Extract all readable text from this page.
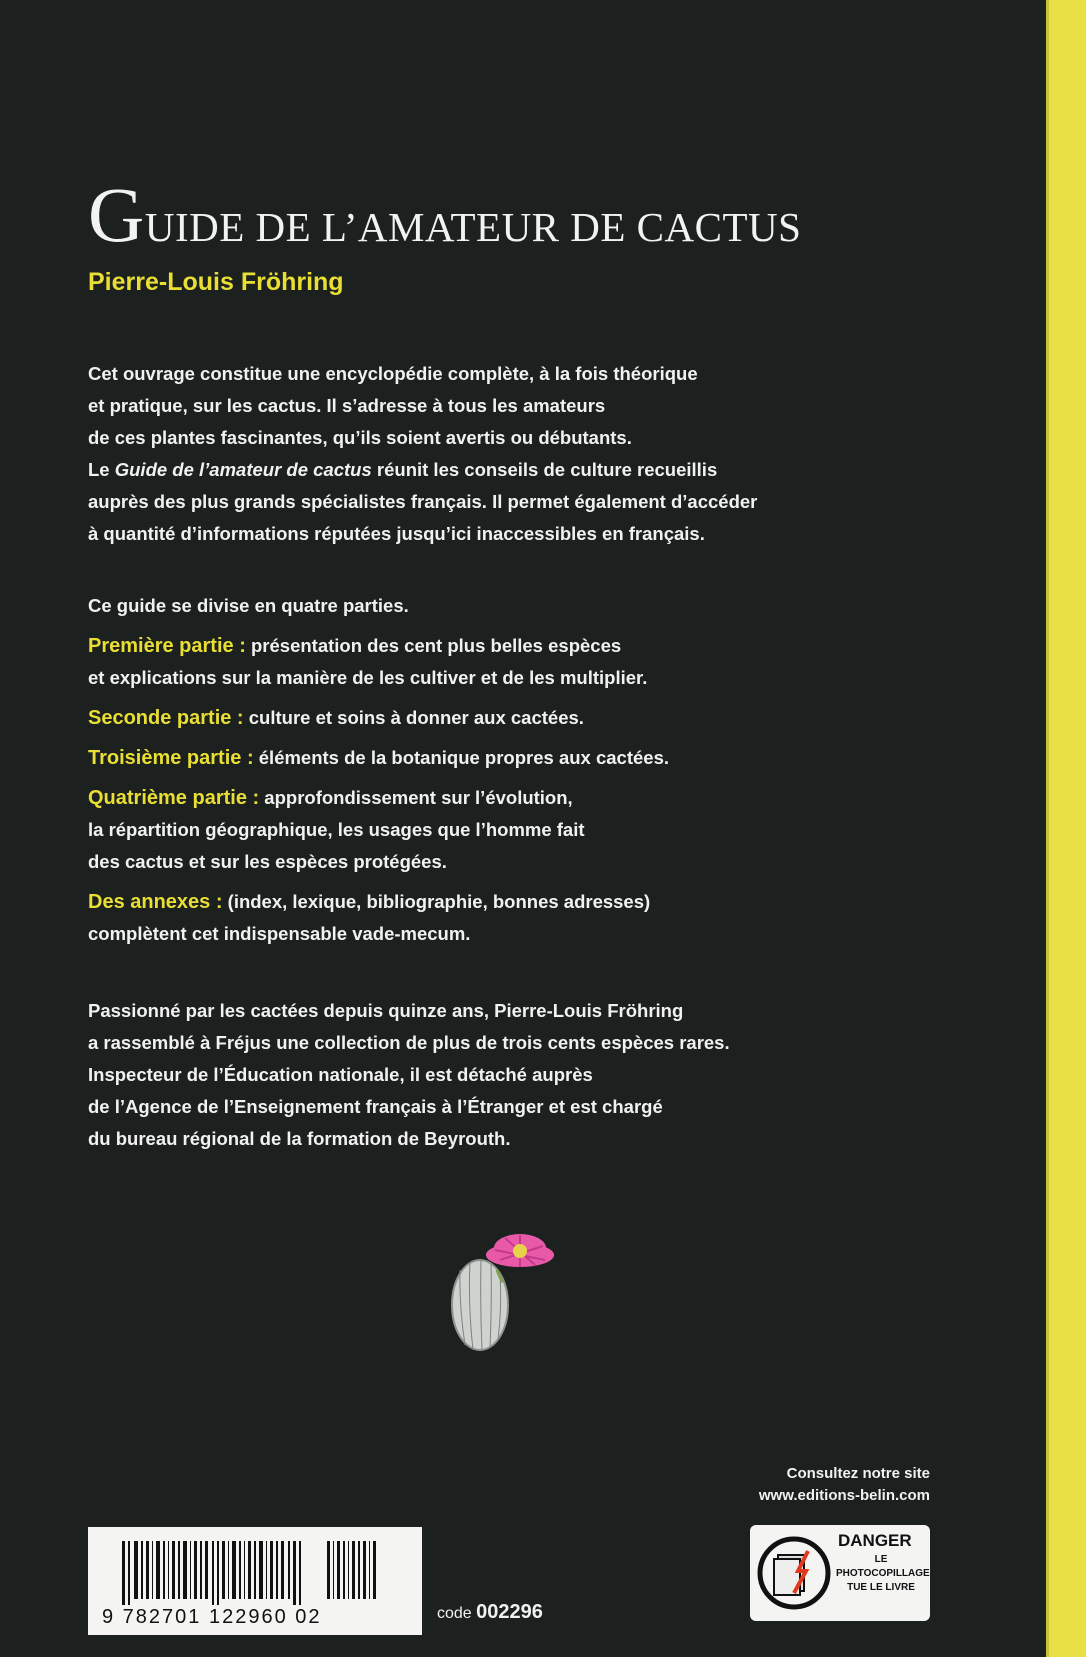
GUIDE DE L’AMATEUR DE CACTUS
Pierre-Louis Fröhring

Cet ouvrage constitue une encyclopédie complète, à la fois théorique

et pratique, sur les cactus. Il s’adresse à tous les amateurs

de ces plantes fascinantes, qu’ils soient avertis ou débutants.

Le Guide de l’amateur de cactus réunit les conseils de culture recueillis

auprès des plus grands spécialistes français. Il permet également d’accéder

à quantité d’informations réputées jusqu’ici inaccessibles en français.

Ce guide se divise en quatre parties.

Première partie : présentation des cent plus belles espèces

et explications sur la manière de les cultiver et de les multiplier.

Seconde partie : culture et soins à donner aux cactées.

Troisième partie : éléments de la botanique propres aux cactées.

Quatrième partie : approfondissement sur l’évolution,

la répartition géographique, les usages que l’homme fait

des cactus et sur les espèces protégées.

Des annexes : (index, lexique, bibliographie, bonnes adresses)

complètent cet indispensable vade-mecum.

Passionné par les cactées depuis quinze ans, Pierre-Louis Fröhring

a rassemblé à Fréjus une collection de plus de trois cents espèces rares.

Inspecteur de l’Éducation nationale, il est détaché auprès

de l’Agence de l’Enseignement français à l’Étranger et est chargé

du bureau régional de la formation de Beyrouth.

Consultez notre site
www.editions-belin.com
9 782701 122960 02	code 002296
DANGER
LE
PHOTOCOPILLAGE
TUE LE LIVRE
